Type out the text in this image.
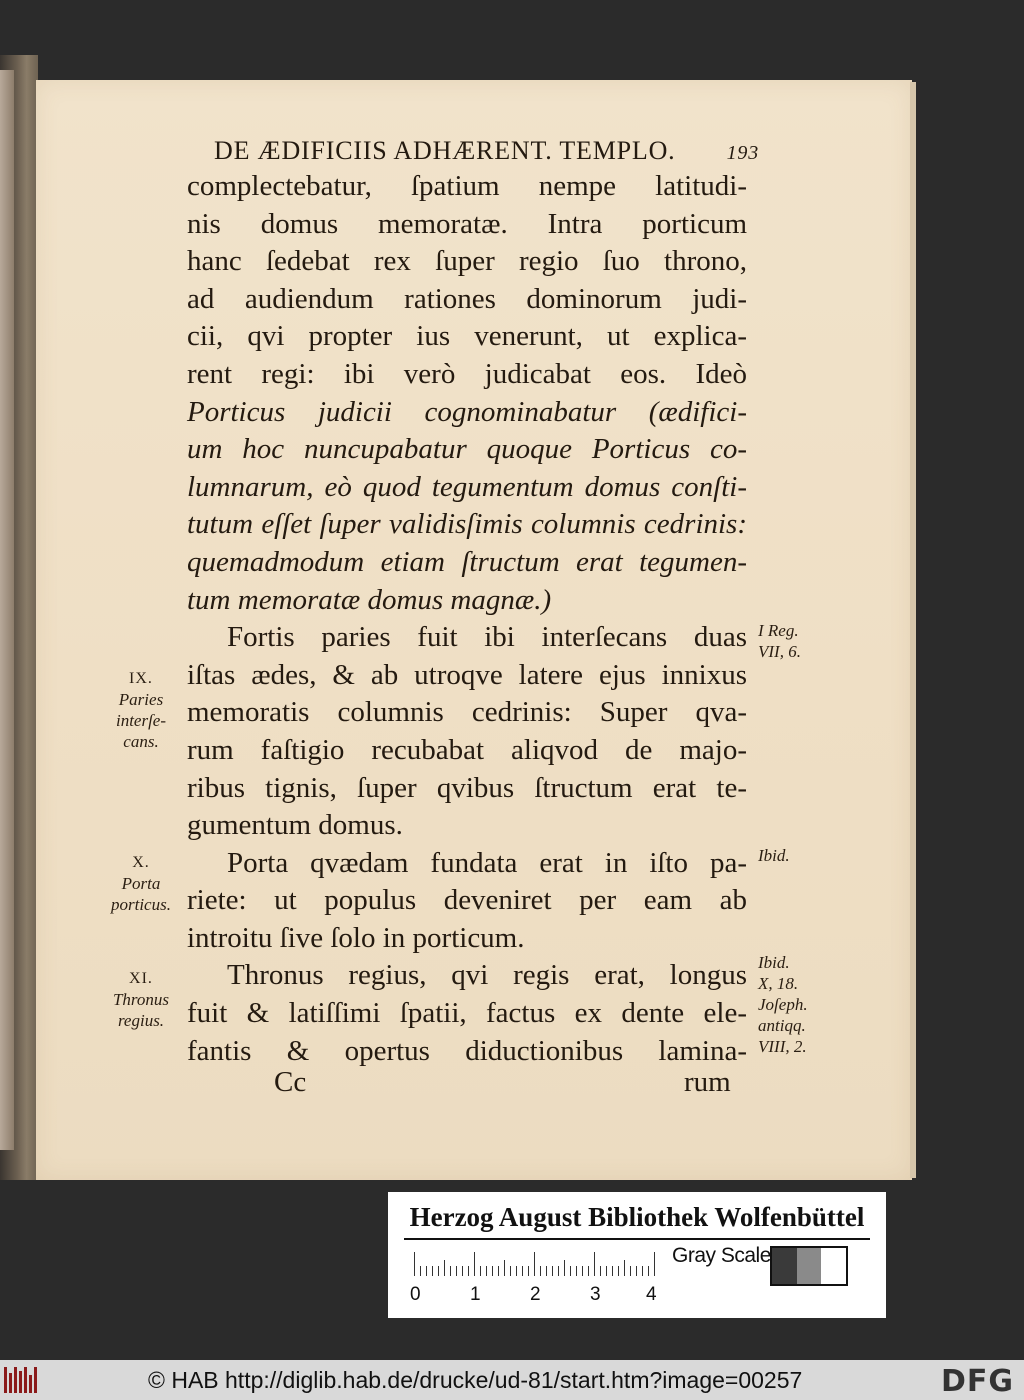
DE ÆDIFICIIS ADHÆRENT. TEMPLO.	193
complectebatur, ſpatium nempe latitudi-
nis domus memoratæ. Intra porticum
hanc ſedebat rex ſuper regio ſuo throno,
ad audiendum rationes dominorum judi-
cii, qvi propter ius venerunt, ut explica-
rent regi: ibi verò judicabat eos. Ideò
Porticus judicii cognominabatur (ædifici-
um hoc nuncupabatur quoque Porticus co-
lumnarum, eò quod tegumentum domus conſti-
tutum eſſet ſuper validisſimis columnis cedrinis:
quemadmodum etiam ſtructum erat tegumen-
tum memoratæ domus magnæ.)
Fortis paries fuit ibi interſecans duas
iſtas ædes, & ab utroqve latere ejus innixus
memoratis columnis cedrinis: Super qva-
rum faſtigio recubabat aliqvod de majo-
ribus tignis, ſuper qvibus ſtructum erat te-
gumentum domus.
Porta qvædam fundata erat in iſto pa-
riete: ut populus deveniret per eam ab
introitu ſive ſolo in porticum.
Thronus regius, qvi regis erat, longus
fuit & latiſſimi ſpatii, factus ex dente ele-
fantis & opertus diductionibus lamina-
Cc	rum
IX.
Paries
interſe-
cans.
X.
Porta
porticus.
XI.
Thronus
regius.
I Reg.
VII, 6.
Ibid.
Ibid.
X, 18.
Joſeph.
antiqq.
VIII, 2.
Herzog August Bibliothek Wolfenbüttel
0	1	2	3 4
Gray Scale
© HAB http://diglib.hab.de/drucke/ud-81/start.htm?image=00257	DFG
